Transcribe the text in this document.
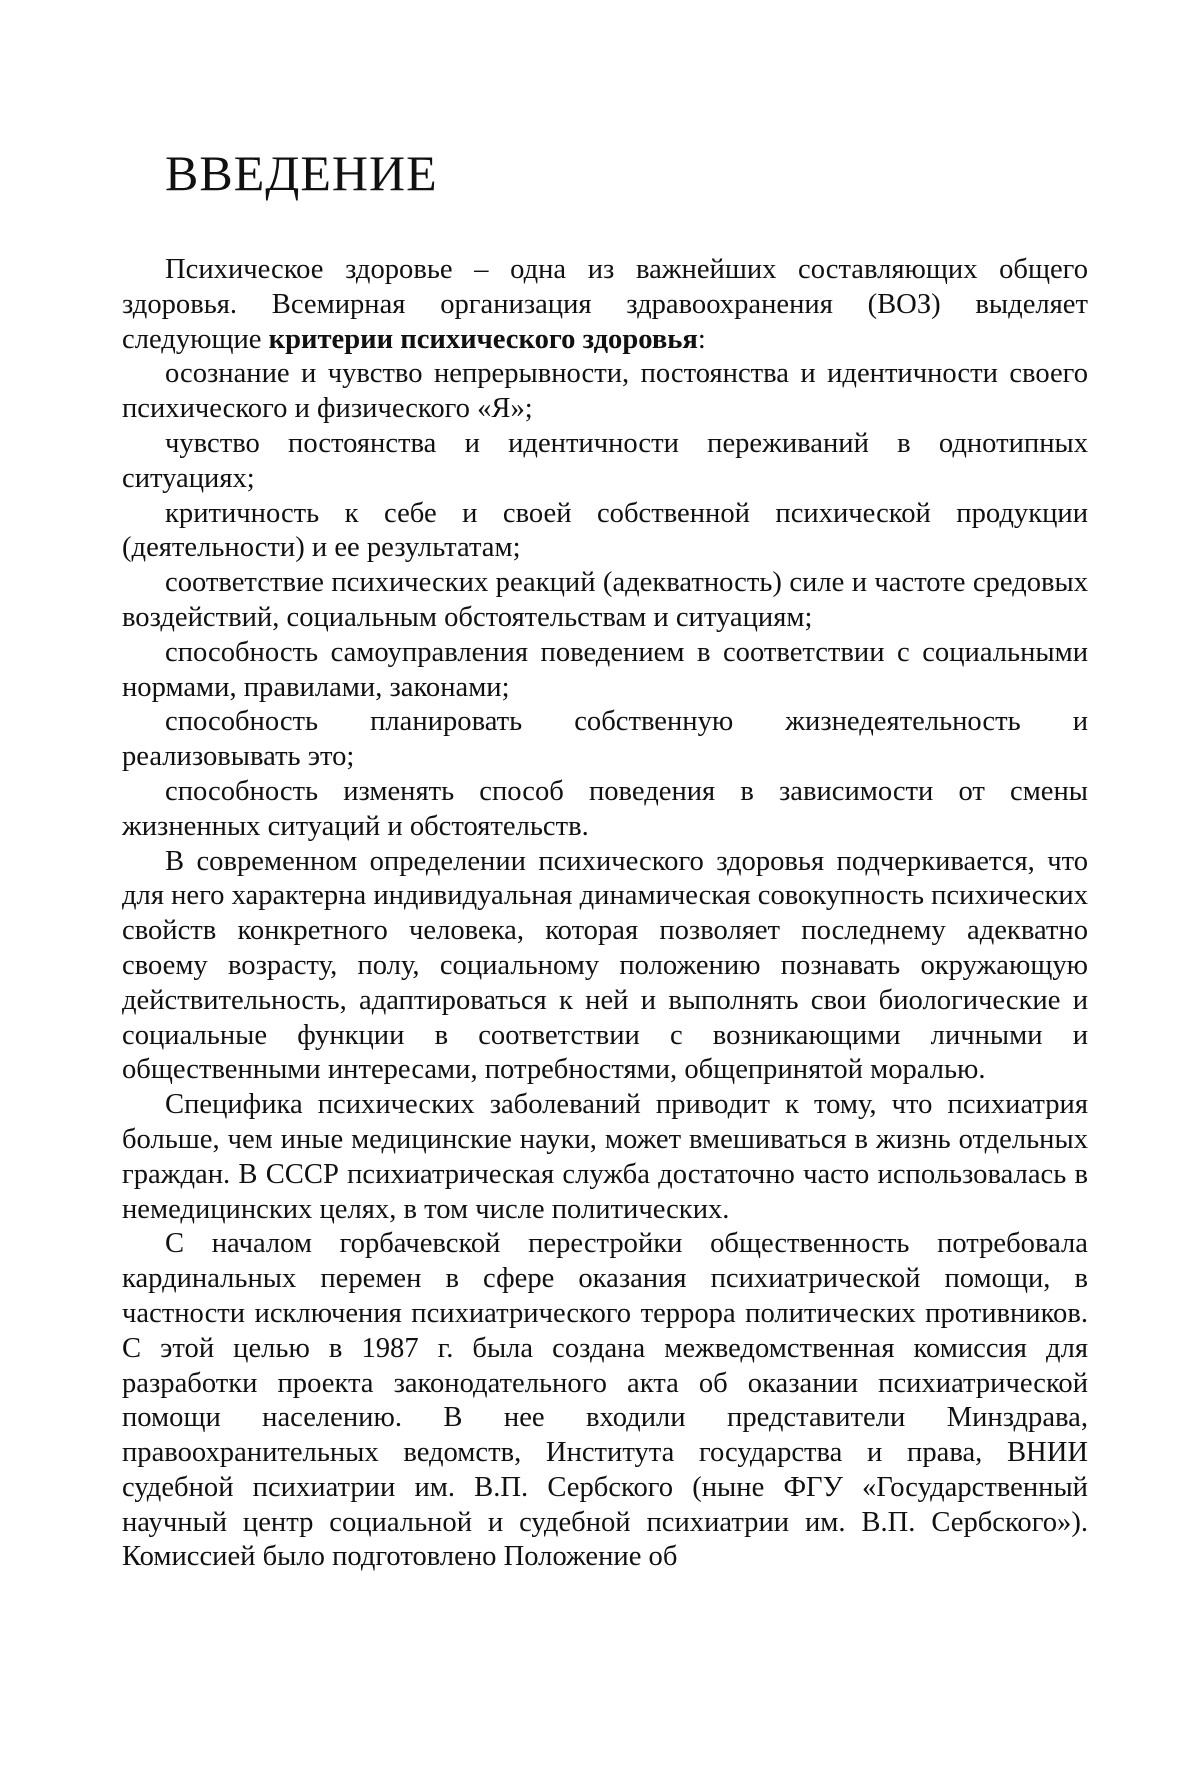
ВВЕДЕНИЕ

Психическое здоровье – одна из важнейших составляющих общего здоровья. Всемирная организация здравоохранения (ВОЗ) выделяет следующие критерии психического здоровья:

осознание и чувство непрерывности, постоянства и идентичности своего психического и физического «Я»;

чувство постоянства и идентичности переживаний в однотипных ситуациях;

критичность к себе и своей собственной психической продукции (деятельности) и ее результатам;

соответствие психических реакций (адекватность) силе и частоте средовых воздействий, социальным обстоятельствам и ситуациям;

способность самоуправления поведением в соответствии с социальными нормами, правилами, законами;

способность планировать собственную жизнедеятельность и реализовывать это;

способность изменять способ поведения в зависимости от смены жизненных ситуаций и обстоятельств.

В современном определении психического здоровья подчеркивается, что для него характерна индивидуальная динамическая совокупность психических свойств конкретного человека, которая позволяет последнему адекватно своему возрасту, полу, социальному положению познавать окружающую действительность, адаптироваться к ней и выполнять свои биологические и социальные функции в соответствии с возникающими личными и общественными интересами, потребностями, общепринятой моралью.

Специфика психических заболеваний приводит к тому, что психиатрия больше, чем иные медицинские науки, может вмешиваться в жизнь отдельных граждан. В СССР психиатрическая служба достаточно часто использовалась в немедицинских целях, в том числе политических.

С началом горбачевской перестройки общественность потребовала кардинальных перемен в сфере оказания психиатрической помощи, в частности исключения психиатрического террора политических противников. С этой целью в 1987 г. была создана межведомственная комиссия для разработки проекта законодательного акта об оказании психиатрической помощи населению. В нее входили представители Минздрава, правоохранительных ведомств, Института государства и права, ВНИИ судебной психиатрии им. В.П. Сербского (ныне ФГУ «Государственный научный центр социальной и судебной психиатрии им. В.П. Сербского»). Комиссией было подготовлено Положение об
